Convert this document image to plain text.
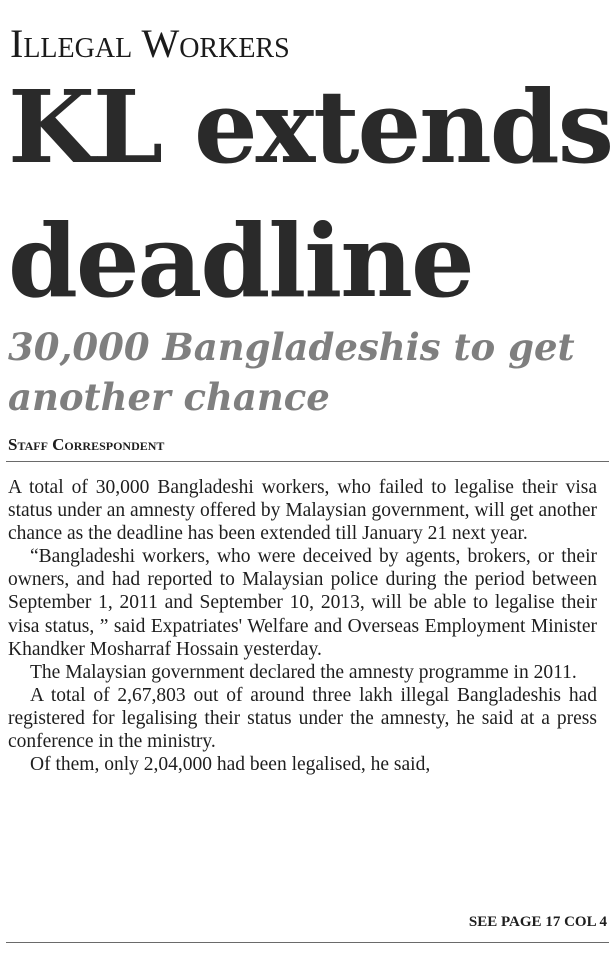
Illegal Workers
KL extends
deadline
30,000 Bangladeshis to get another chance
Staff Correspondent

A total of 30,000 Bangladeshi workers, who failed to legalise their visa status under an amnesty offered by Malaysian government, will get another chance as the deadline has been extended till January 21 next year.

“Bangladeshi workers, who were deceived by agents, brokers, or their owners, and had reported to Malaysian police during the period between September 1, 2011 and September 10, 2013, will be able to legalise their visa status, ” said Expatriates' Welfare and Overseas Employment Minister Khandker Mosharraf Hossain yesterday.

The Malaysian government declared the amnesty programme in 2011.

A total of 2,67,803 out of around three lakh illegal Bangladeshis had registered for legalising their status under the amnesty, he said at a press conference in the ministry.

Of them, only 2,04,000 had been legalised, he said,

SEE PAGE 17 COL 4
